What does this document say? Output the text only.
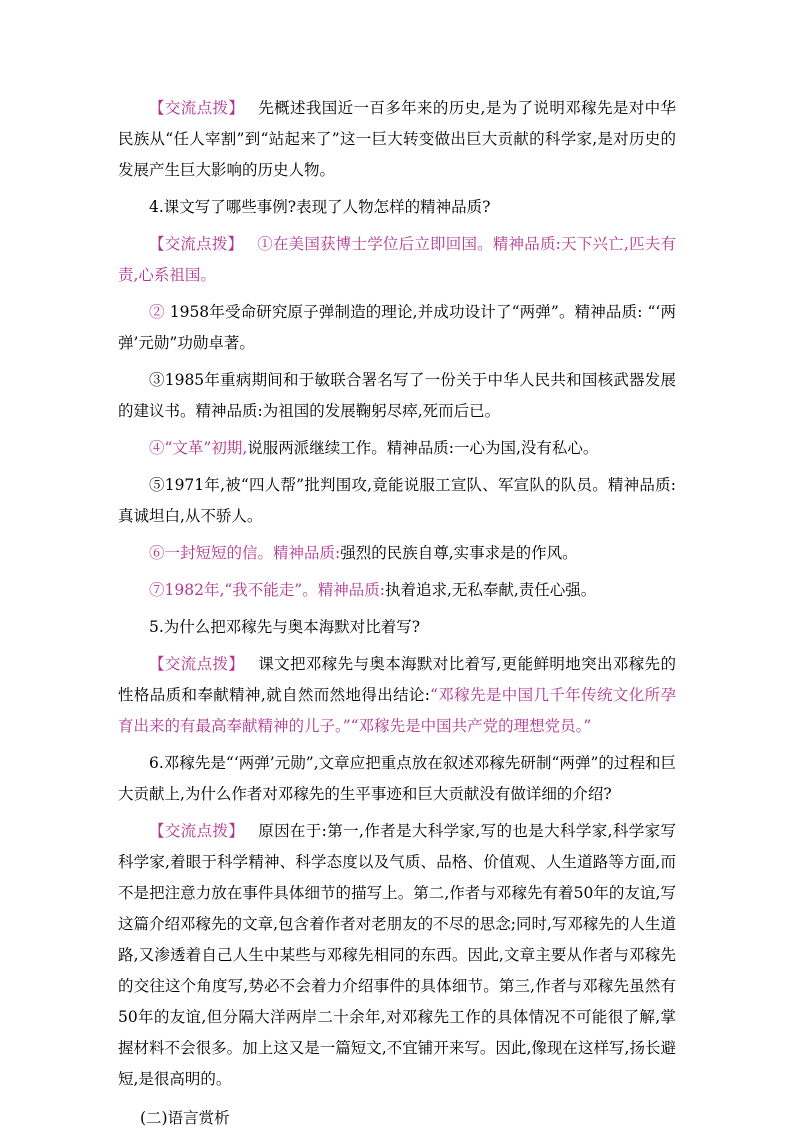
【交流点拨】 先概述我国近一百多年来的历史,是为了说明邓稼先是对中华民族从“任人宰割”到“站起来了”这一巨大转变做出巨大贡献的科学家,是对历史的发展产生巨大影响的历史人物。

4.课文写了哪些事例?表现了人物怎样的精神品质?

【交流点拨】 ①在美国获博士学位后立即回国。精神品质:天下兴亡,匹夫有责,心系祖国。

② 1958年受命研究原子弹制造的理论,并成功设计了“两弹”。精神品质: “‘两弹’元勋”功勋卓著。

③1985年重病期间和于敏联合署名写了一份关于中华人民共和国核武器发展的建议书。精神品质:为祖国的发展鞠躬尽瘁,死而后已。

④“文革”初期,说服两派继续工作。精神品质:一心为国,没有私心。

⑤1971年,被“四人帮”批判围攻,竟能说服工宣队、军宣队的队员。精神品质:真诚坦白,从不骄人。

⑥一封短短的信。精神品质:强烈的民族自尊,实事求是的作风。

⑦1982年,“我不能走”。精神品质:执着追求,无私奉献,责任心强。

5.为什么把邓稼先与奥本海默对比着写?

【交流点拨】 课文把邓稼先与奥本海默对比着写,更能鲜明地突出邓稼先的性格品质和奉献精神,就自然而然地得出结论:“邓稼先是中国几千年传统文化所孕育出来的有最高奉献精神的儿子。”“邓稼先是中国共产党的理想党员。”

6.邓稼先是“‘两弹’元勋”,文章应把重点放在叙述邓稼先研制“两弹”的过程和巨大贡献上,为什么作者对邓稼先的生平事迹和巨大贡献没有做详细的介绍?

【交流点拨】 原因在于:第一,作者是大科学家,写的也是大科学家,科学家写科学家,着眼于科学精神、科学态度以及气质、品格、价值观、人生道路等方面,而不是把注意力放在事件具体细节的描写上。第二,作者与邓稼先有着50年的友谊,写这篇介绍邓稼先的文章,包含着作者对老朋友的不尽的思念;同时,写邓稼先的人生道路,又渗透着自己人生中某些与邓稼先相同的东西。因此,文章主要从作者与邓稼先的交往这个角度写,势必不会着力介绍事件的具体细节。第三,作者与邓稼先虽然有50年的友谊,但分隔大洋两岸二十余年,对邓稼先工作的具体情况不可能很了解,掌握材料不会很多。加上这又是一篇短文,不宜铺开来写。因此,像现在这样写,扬长避短,是很高明的。

(二)语言赏析
